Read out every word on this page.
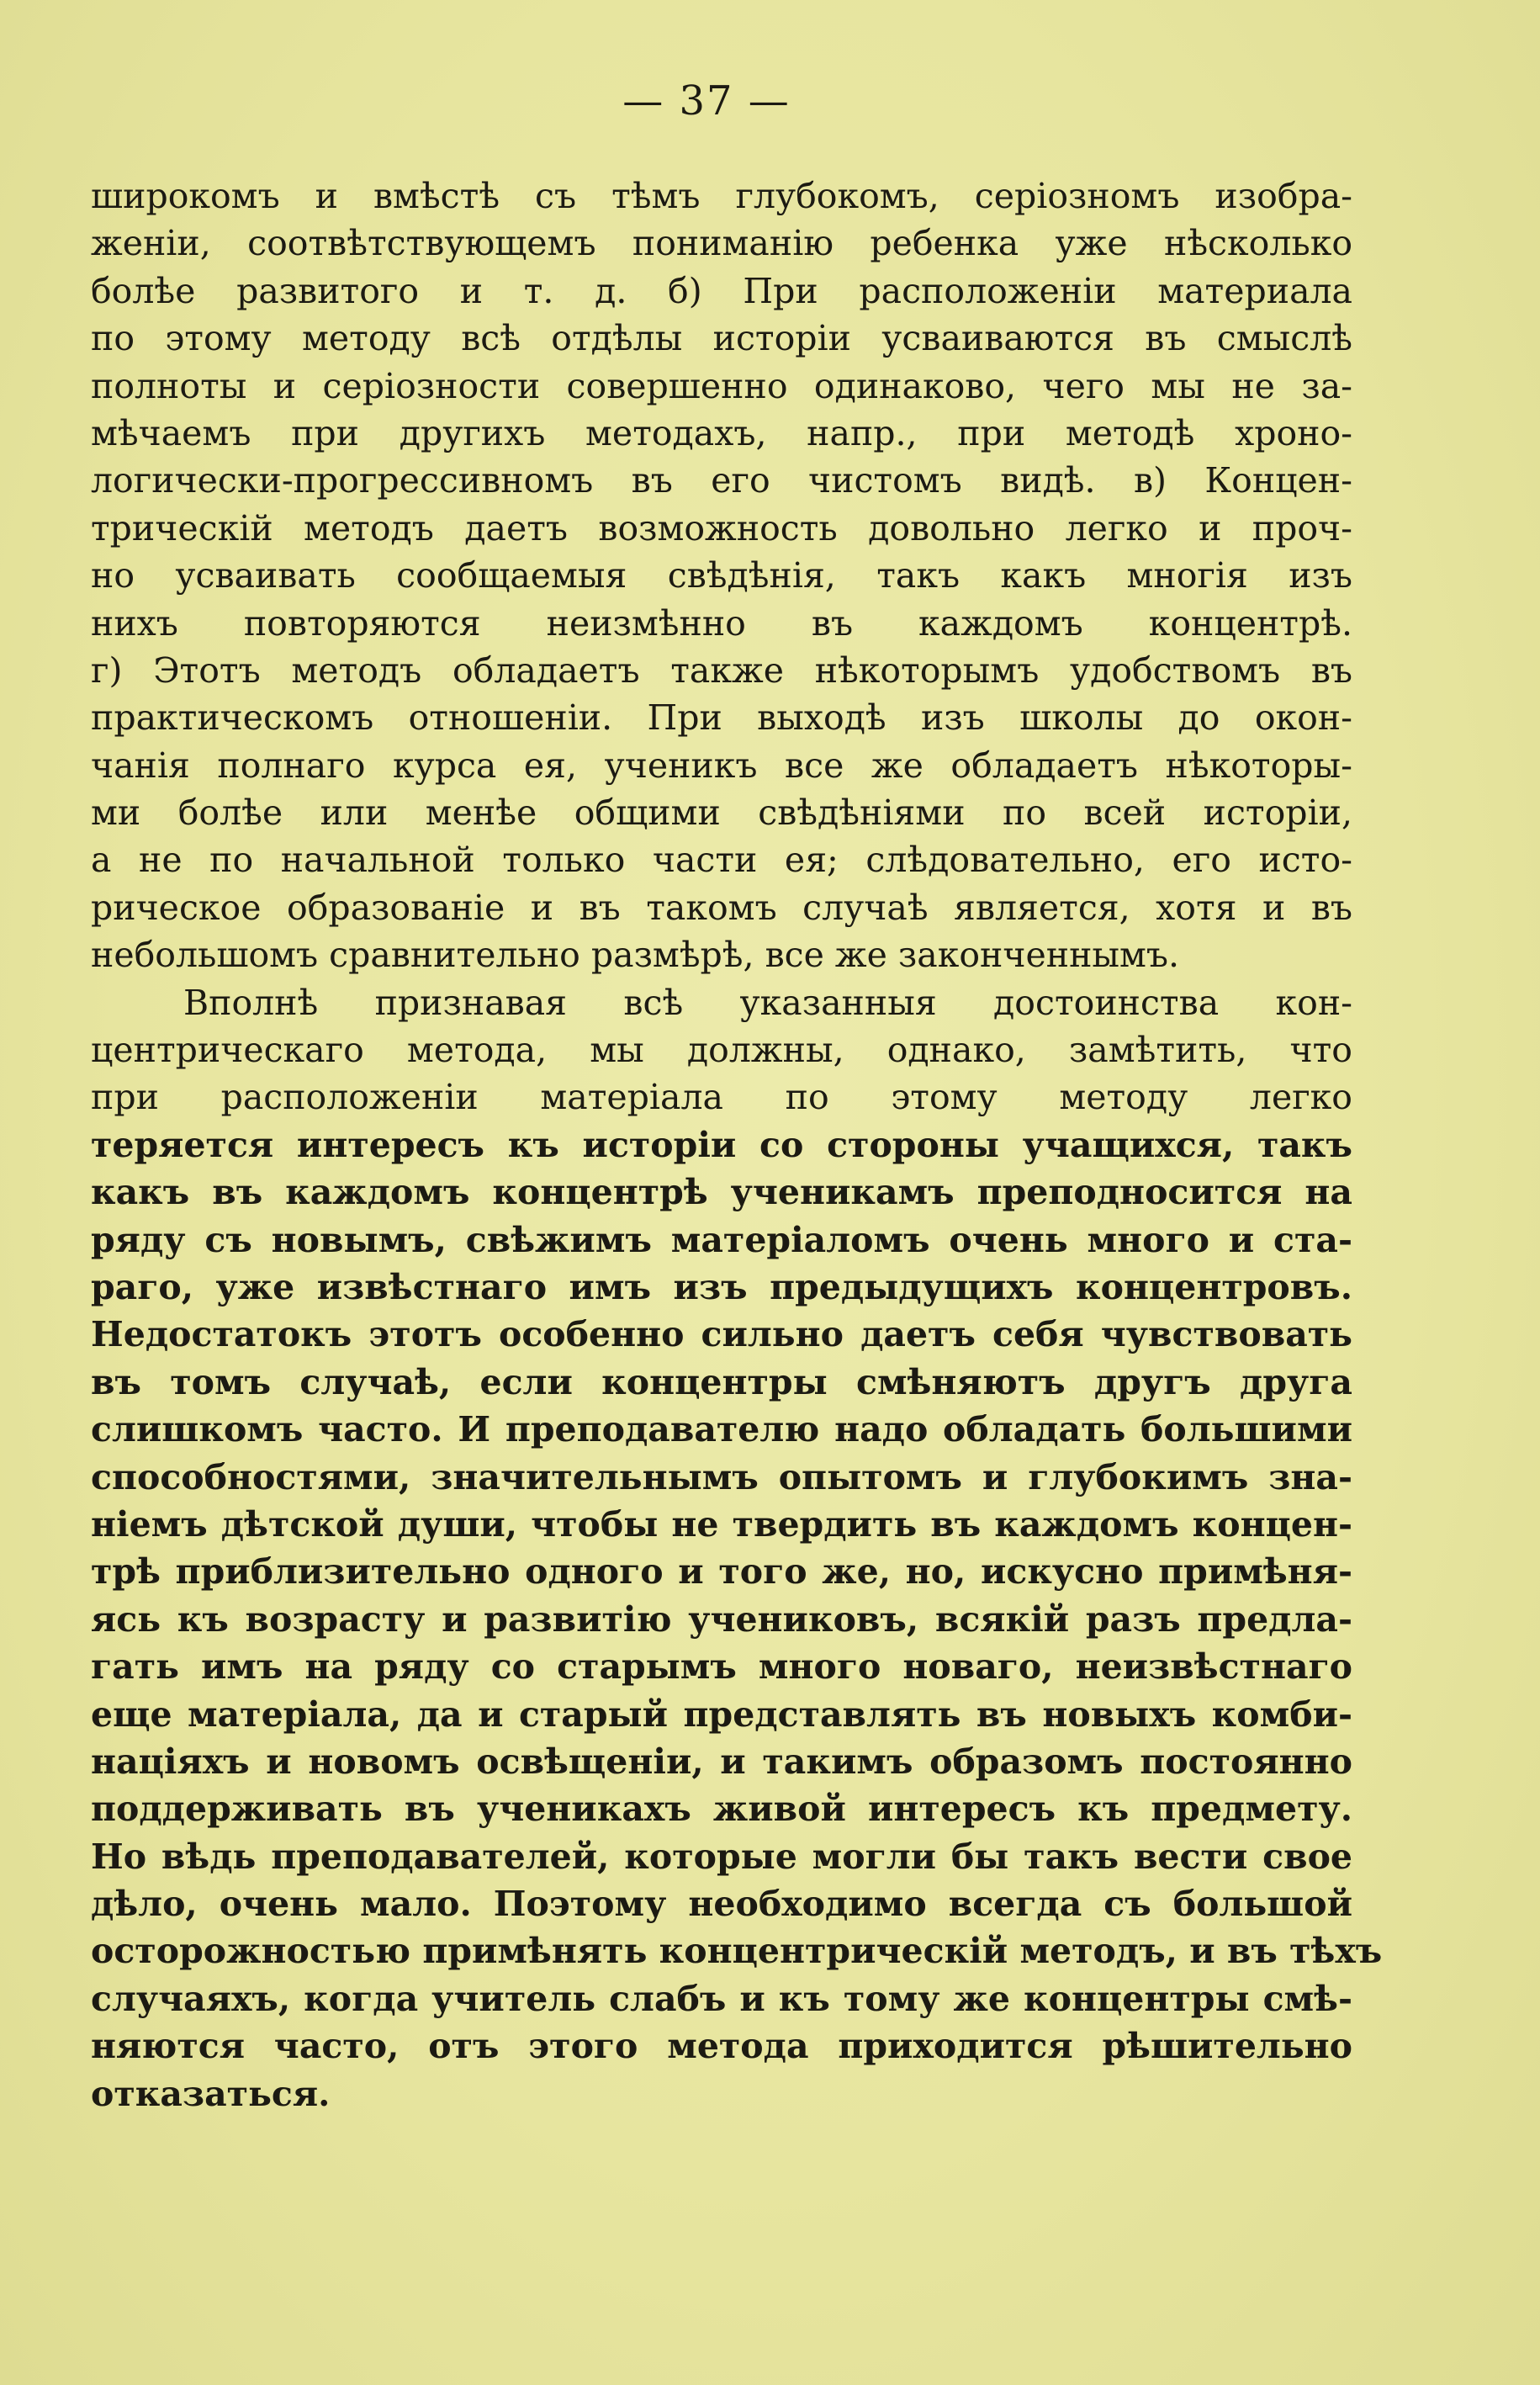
— 37 —
широкомъ и вмѣстѣ съ тѣмъ глубокомъ, серіозномъ изобра-
женіи, соотвѣтствующемъ пониманію ребенка уже нѣсколько
болѣе развитого и т. д. б) При расположеніи материала
по этому методу всѣ отдѣлы исторіи усваиваются въ смыслѣ
полноты и серіозности совершенно одинаково, чего мы не за-
мѣчаемъ при другихъ методахъ, напр., при методѣ хроно-
логически-прогрессивномъ въ его чистомъ видѣ. в) Концен-
трическій методъ даетъ возможность довольно легко и проч-
но усваивать сообщаемыя свѣдѣнія, такъ какъ многія изъ
нихъ повторяются неизмѣнно въ каждомъ концентрѣ.
г) Этотъ методъ обладаетъ также нѣкоторымъ удобствомъ въ
практическомъ отношеніи. При выходѣ изъ школы до окон-
чанія полнаго курса ея, ученикъ все же обладаетъ нѣкоторы-
ми болѣе или менѣе общими свѣдѣніями по всей исторіи,
а не по начальной только части ея; слѣдовательно, его исто-
рическое образованіе и въ такомъ случаѣ является, хотя и въ
небольшомъ сравнительно размѣрѣ, все же законченнымъ.
Вполнѣ признавая всѣ указанныя достоинства кон-
центрическаго метода, мы должны, однако, замѣтить, что
при расположеніи матеріала по этому методу легко
теряется интересъ къ исторіи со стороны учащихся, такъ
какъ въ каждомъ концентрѣ ученикамъ преподносится на
ряду съ новымъ, свѣжимъ матеріаломъ очень много и ста-
раго, уже извѣстнаго имъ изъ предыдущихъ концентровъ.
Недостатокъ этотъ особенно сильно даетъ себя чувствовать
въ томъ случаѣ, если концентры смѣняютъ другъ друга
слишкомъ часто. И преподавателю надо обладать большими
способностями, значительнымъ опытомъ и глубокимъ зна-
ніемъ дѣтской души, чтобы не твердить въ каждомъ концен-
трѣ приблизительно одного и того же, но, искусно примѣня-
ясь къ возрасту и развитію учениковъ, всякій разъ предла-
гать имъ на ряду со старымъ много новаго, неизвѣстнаго
еще матеріала, да и старый представлять въ новыхъ комби-
націяхъ и новомъ освѣщеніи, и такимъ образомъ постоянно
поддерживать въ ученикахъ живой интересъ къ предмету.
Но вѣдь преподавателей, которые могли бы такъ вести свое
дѣло, очень мало. Поэтому необходимо всегда съ большой
осторожностью примѣнять концентрическій методъ, и въ тѣхъ
случаяхъ, когда учитель слабъ и къ тому же концентры смѣ-
няются часто, отъ этого метода приходится рѣшительно
отказаться.
